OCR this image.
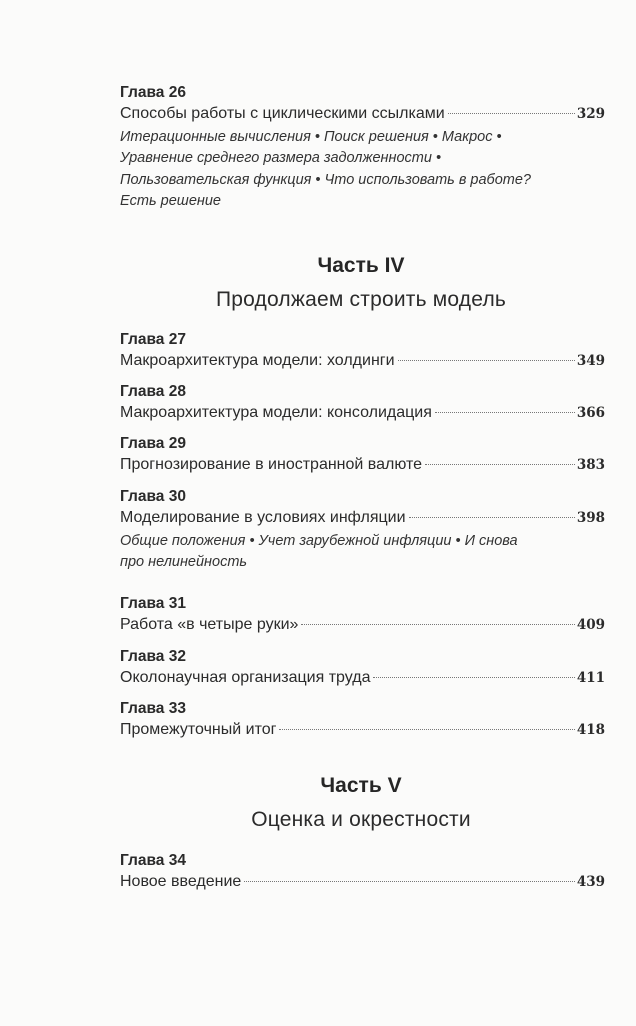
Глава 26
Способы работы с циклическими ссылками	329
Итерационные вычисления • Поиск решения • Макрос •
Уравнение среднего размера задолженности •
Пользовательская функция • Что использовать в работе?
Есть решение
Часть IV
Продолжаем строить модель
Глава 27
Макроархитектура модели: холдинги	349
Глава 28
Макроархитектура модели: консолидация	366
Глава 29
Прогнозирование в иностранной валюте	383
Глава 30
Моделирование в условиях инфляции	398
Общие положения • Учет зарубежной инфляции • И снова
про нелинейность
Глава 31
Работа «в четыре руки»	409
Глава 32
Околонаучная организация труда	411
Глава 33
Промежуточный итог	418
Часть V
Оценка и окрестности
Глава 34
Новое введение	439
